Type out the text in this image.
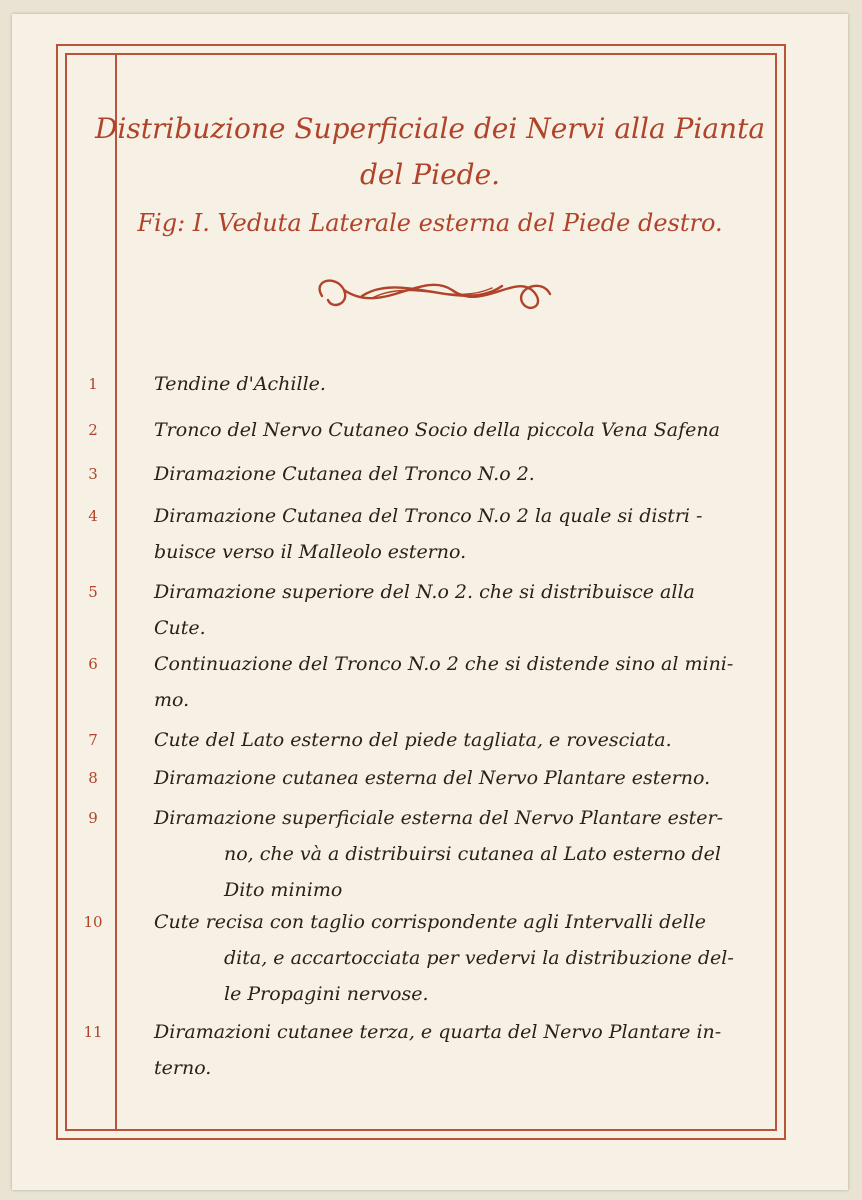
Distribuzione Superficiale dei Nervi alla Pianta
del Piede.
Fig: I. Veduta Laterale esterna del Piede destro.
1	Tendine d'Achille.
2	Tronco del Nervo Cutaneo Socio della piccola Vena Safena
3	Diramazione Cutanea del Tronco N.o 2.
4	Diramazione Cutanea del Tronco N.o 2 la quale si distri -
buisce verso il Malleolo esterno.
5	Diramazione superiore del N.o 2. che si distribuisce alla
Cute.
6	Continuazione del Tronco N.o 2 che si distende sino al mini-
mo.
7	Cute del Lato esterno del piede tagliata, e rovesciata.
8	Diramazione cutanea esterna del Nervo Plantare esterno.
9	Diramazione superficiale esterna del Nervo Plantare ester-
no, che và a distribuirsi cutanea al Lato esterno del
Dito minimo
10	Cute recisa con taglio corrispondente agli Intervalli delle
dita, e accartocciata per vedervi la distribuzione del-
le Propagini nervose.
11	Diramazioni cutanee terza, e quarta del Nervo Plantare in-
terno.
